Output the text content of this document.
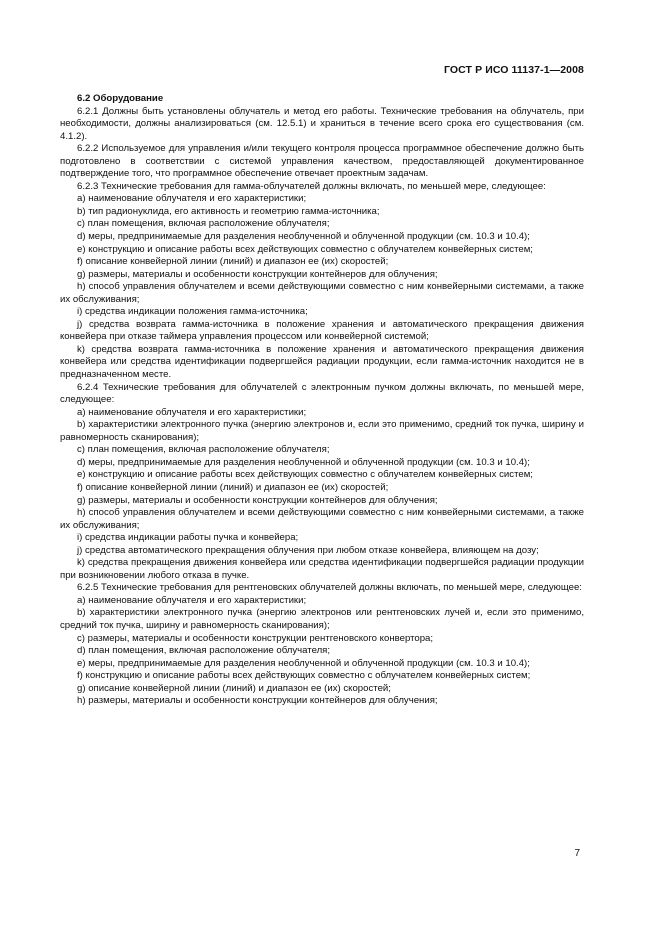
ГОСТ Р ИСО 11137-1—2008

6.2 Оборудование

6.2.1 Должны быть установлены облучатель и метод его работы. Технические требования на облучатель, при необходимости, должны анализироваться (см. 12.5.1) и храниться в течение всего срока его существования (см. 4.1.2).

6.2.2 Используемое для управления и/или текущего контроля процесса программное обеспечение должно быть подготовлено в соответствии с системой управления качеством, предоставляющей документированное подтверждение того, что программное обеспечение отвечает проектным задачам.

6.2.3 Технические требования для гамма-облучателей должны включать, по меньшей мере, следующее:

a) наименование облучателя и его характеристики;

b) тип радионуклида, его активность и геометрию гамма-источника;

c) план помещения, включая расположение облучателя;

d) меры, предпринимаемые для разделения необлученной и облученной продукции (см. 10.3 и 10.4);

e) конструкцию и описание работы всех действующих совместно с облучателем конвейерных систем;

f) описание конвейерной линии (линий) и диапазон ее (их) скоростей;

g) размеры, материалы и особенности конструкции контейнеров для облучения;

h) способ управления облучателем и всеми действующими совместно с ним конвейерными системами, а также их обслуживания;

i) средства индикации положения гамма-источника;

j) средства возврата гамма-источника в положение хранения и автоматического прекращения движения конвейера при отказе таймера управления процессом или конвейерной системой;

k) средства возврата гамма-источника в положение хранения и автоматического прекращения движения конвейера или средства идентификации подвергшейся радиации продукции, если гамма-источник находится не в предназначенном месте.

6.2.4 Технические требования для облучателей с электронным пучком должны включать, по меньшей мере, следующее:

a) наименование облучателя и его характеристики;

b) характеристики электронного пучка (энергию электронов и, если это применимо, средний ток пучка, ширину и равномерность сканирования);

c) план помещения, включая расположение облучателя;

d) меры, предпринимаемые для разделения необлученной и облученной продукции (см. 10.3 и 10.4);

e) конструкцию и описание работы всех действующих совместно с облучателем конвейерных систем;

f) описание конвейерной линии (линий) и диапазон ее (их) скоростей;

g) размеры, материалы и особенности конструкции контейнеров для облучения;

h) способ управления облучателем и всеми действующими совместно с ним конвейерными системами, а также их обслуживания;

i) средства индикации работы пучка и конвейера;

j) средства автоматического прекращения облучения при любом отказе конвейера, влияющем на дозу;

k) средства прекращения движения конвейера или средства идентификации подвергшейся радиации продукции при возникновении любого отказа в пучке.

6.2.5 Технические требования для рентгеновских облучателей должны включать, по меньшей мере, следующее:

a) наименование облучателя и его характеристики;

b) характеристики электронного пучка (энергию электронов или рентгеновских лучей и, если это применимо, средний ток пучка, ширину и равномерность сканирования);

c) размеры, материалы и особенности конструкции рентгеновского конвертора;

d) план помещения, включая расположение облучателя;

e) меры, предпринимаемые для разделения необлученной и облученной продукции (см. 10.3 и 10.4);

f) конструкцию и описание работы всех действующих совместно с облучателем конвейерных систем;

g) описание конвейерной линии (линий) и диапазон ее (их) скоростей;

h) размеры, материалы и особенности конструкции контейнеров для облучения;

7
